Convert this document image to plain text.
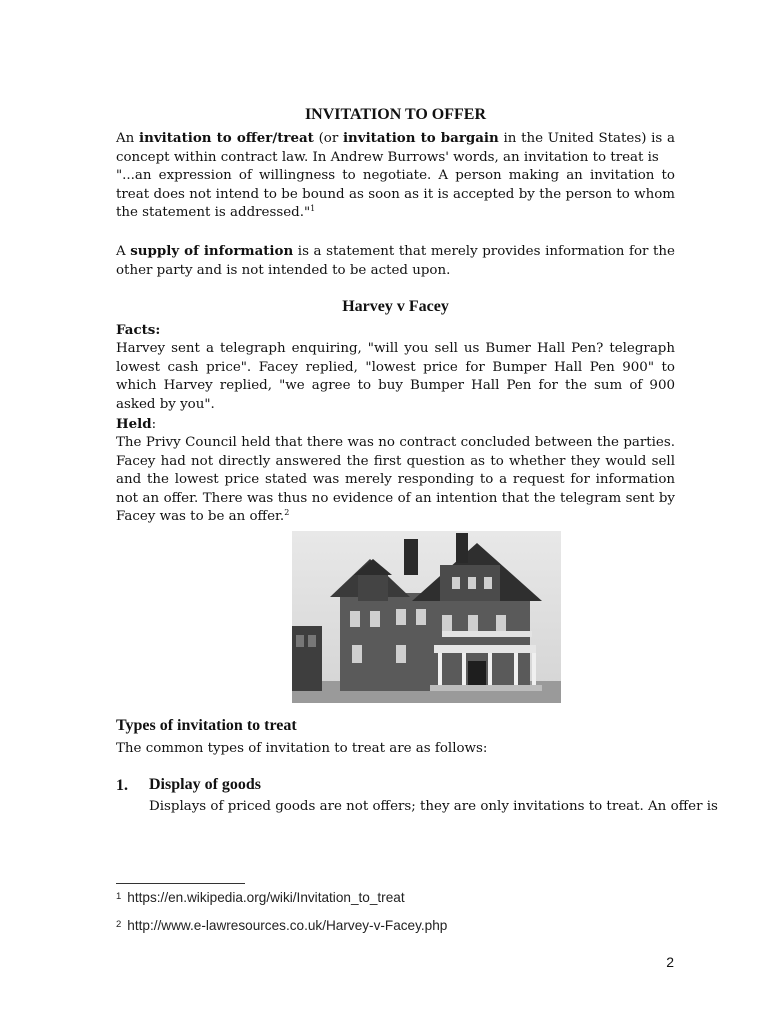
INVITATION TO OFFER

An invitation to offer/treat (or invitation to bargain in the United States) is a concept within contract law. In Andrew Burrows' words, an invitation to treat is

"...an expression of willingness to negotiate. A person making an invitation to treat does not intend to be bound as soon as it is accepted by the person to whom the statement is addressed."$^1$

A supply of information is a statement that merely provides information for the other party and is not intended to be acted upon.

Harvey v Facey
Facts:
Harvey sent a telegraph enquiring, "will you sell us Bumer Hall Pen? telegraph lowest cash price". Facey replied, "lowest price for Bumper Hall Pen 900" to which Harvey replied, "we agree to buy Bumper Hall Pen for the sum of 900 asked by you".
Held:
The Privy Council held that there was no contract concluded between the parties. Facey had not directly answered the first question as to whether they would sell and the lowest price stated was merely responding to a request for information not an offer. There was thus no evidence of an intention that the telegram sent by Facey was to be an offer.$^2$
Types of invitation to treat
The common types of invitation to treat are as follows:
1. Display of goods
Displays of priced goods are not offers; they are only invitations to treat. An offer is
$^1$ https://en.wikipedia.org/wiki/Invitation_to_treat
$^2$ http://www.e-lawresources.co.uk/Harvey-v-Facey.php
2
